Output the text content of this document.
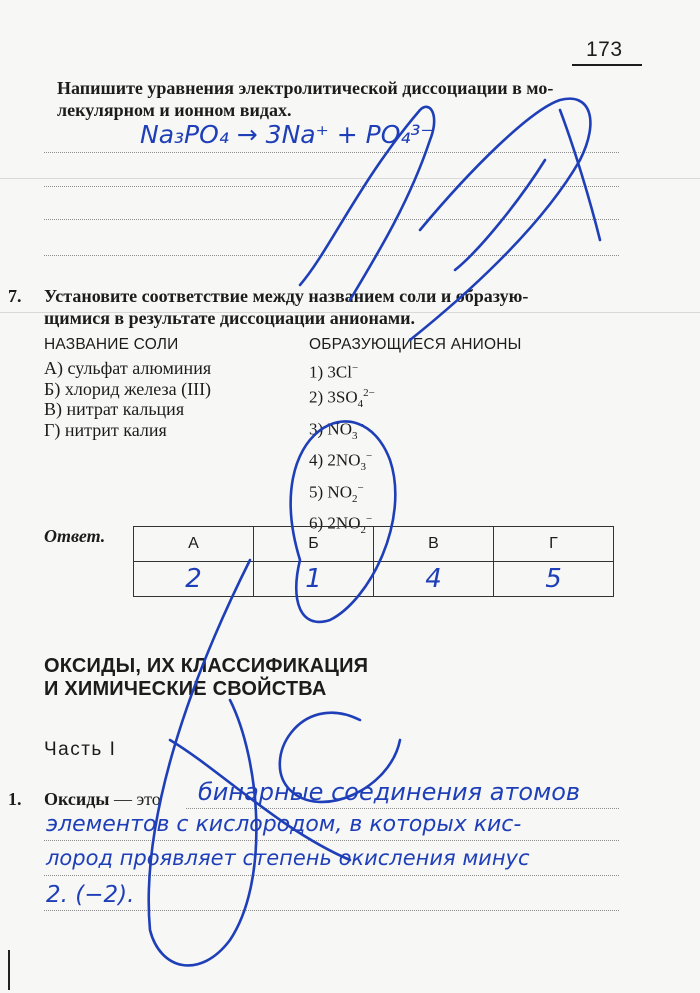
173
Напишите уравнения электролитической диссоциации в мо-
лекулярном и ионном видах.
Na₃PO₄ → 3Na⁺ + PO₄³⁻
7. Установите соответствие между названием соли и образую-
щимися в результате диссоциации анионами.
НАЗВАНИЕ СОЛИ	ОБРАЗУЮЩИЕСЯ АНИОНЫ
А) сульфат алюминия
Б) хлорид железа (III)
В) нитрат кальция
Г) нитрит калия
1) 3Cl−
2) $3SO_4^{2-}$
3) $NO_3^-$
4) $2NO_3^-$
5) $NO_2^-$
6) $2NO_2^-$
Ответ.	А	Б	В	Г
2	1	4	5
ОКСИДЫ, ИХ КЛАССИФИКАЦИЯ
И ХИМИЧЕСКИЕ СВОЙСТВА
Часть I
1. Оксиды — это бинарные соединения атомов
элементов с кислородом, в которых кис-
лород проявляет степень окисления минус
2. (−2).
